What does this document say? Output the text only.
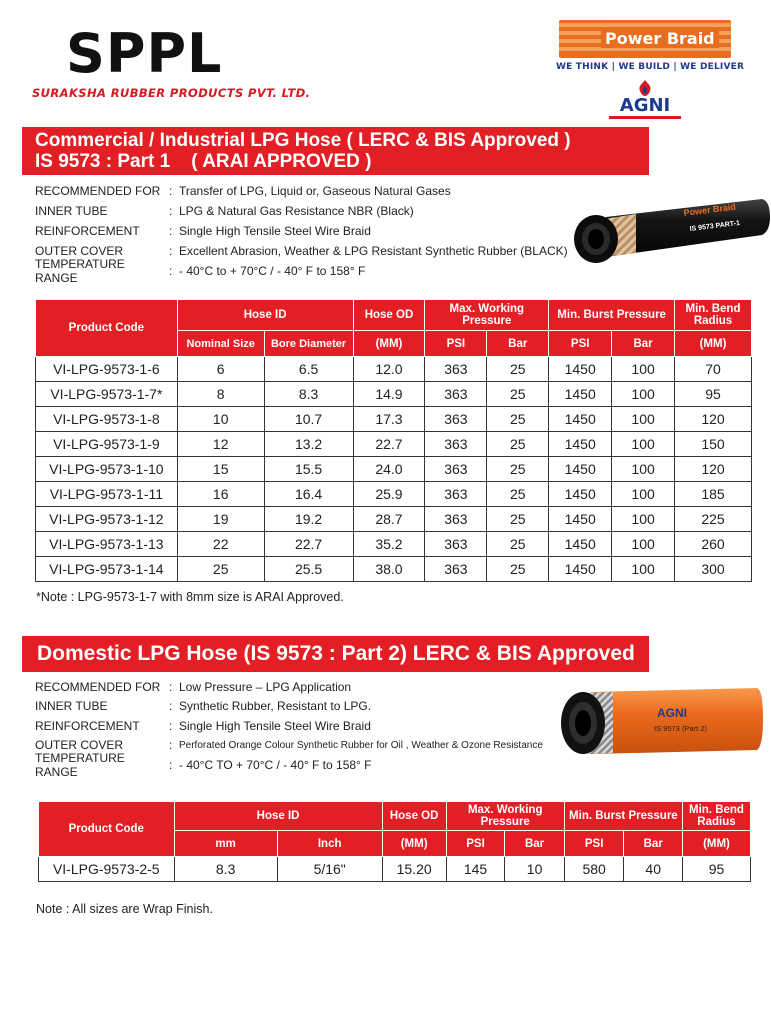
SPPL
SURAKSHA RUBBER PRODUCTS PVT. LTD.
Power Braid
WE THINK | WE BUILD | WE DELIVER
AGNI
Commercial / Industrial LPG Hose ( LERC & BIS Approved )
IS 9573 : Part 1    ( ARAI APPROVED )
RECOMMENDED FOR : Transfer of LPG, Liquid or, Gaseous Natural Gases
INNER TUBE	: LPG & Natural Gas Resistance NBR (Black)
REINFORCEMENT	: Single High Tensile Steel Wire Braid
OUTER COVER	: Excellent Abrasion, Weather & LPG Resistant Synthetic Rubber (BLACK)
TEMPERATURE RANGE	: - 40°C to + 70°C / - 40° F to 158° F
Power Braid
IS 9573 PART-1
Product Code	Hose ID		Hose OD	Max. Working Pressure		Min. Burst Pressure		Min. Bend Radius
	Nominal Size	Bore Diameter	(MM)	PSI	Bar	PSI	Bar	(MM)
VI-LPG-9573-1-6	6	6.5	12.0	363	25	1450	100	70
VI-LPG-9573-1-7*	8	8.3	14.9	363	25	1450	100	95
VI-LPG-9573-1-8	10	10.7	17.3	363	25	1450	100	120
VI-LPG-9573-1-9	12	13.2	22.7	363	25	1450	100	150
VI-LPG-9573-1-10	15	15.5	24.0	363	25	1450	100	120
VI-LPG-9573-1-11	16	16.4	25.9	363	25	1450	100	185
VI-LPG-9573-1-12	19	19.2	28.7	363	25	1450	100	225
VI-LPG-9573-1-13	22	22.7	35.2	363	25	1450	100	260
VI-LPG-9573-1-14	25	25.5	38.0	363	25	1450	100	300
*Note : LPG-9573-1-7 with 8mm size is ARAI Approved.
Domestic LPG Hose (IS 9573 : Part 2) LERC & BIS Approved
RECOMMENDED FOR : Low Pressure – LPG Application
INNER TUBE	: Synthetic Rubber, Resistant to LPG.
REINFORCEMENT	: Single High Tensile Steel Wire Braid
OUTER COVER	: Perforated Orange Colour Synthetic Rubber for Oil , Weather & Ozone Resistance
TEMPERATURE RANGE	: - 40°C TO + 70°C / - 40° F to 158° F
AGNI
IS 9573 (Part 2)
Product Code	Hose ID		Hose OD	Max. Working Pressure		Min. Burst Pressure		Min. Bend Radius
	mm	Inch	(MM)	PSI	Bar	PSI	Bar	(MM)
VI-LPG-9573-2-5	8.3	5/16"	15.20	145	10	580	40	95
Note : All sizes are Wrap Finish.
